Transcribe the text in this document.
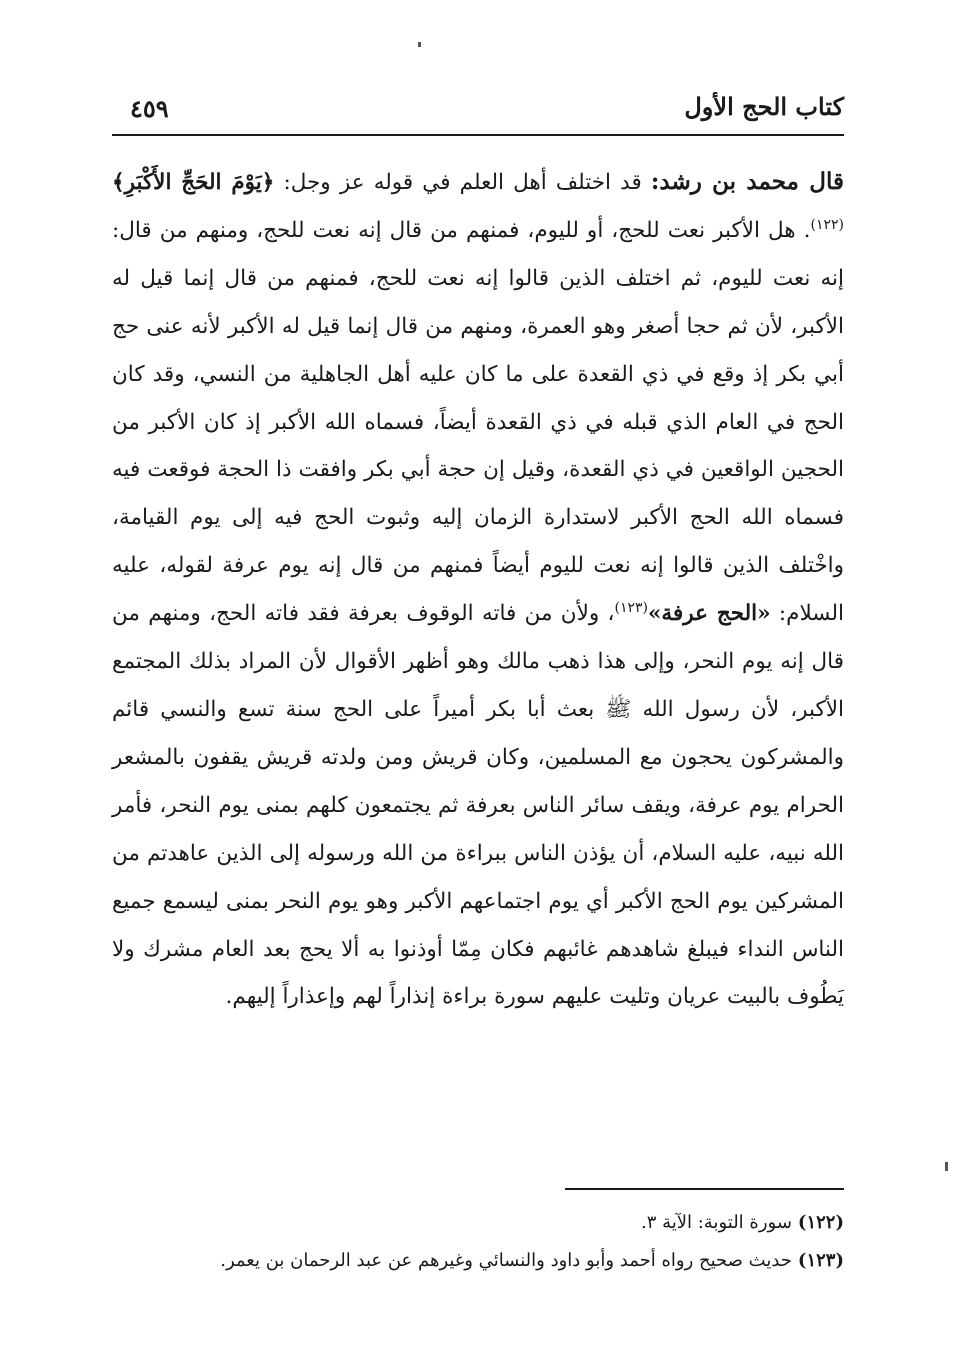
كتاب الحج الأول
٤٥٩

قال محمد بن رشد: قد اختلف أهل العلم في قوله عز وجل: ﴿يَوْمَ الحَجِّ الأَكْبَرِ﴾$^{(١٢٢)}$. هل الأكبر نعت للحج، أو لليوم، فمنهم من قال إنه نعت للحج، ومنهم من قال: إنه نعت لليوم، ثم اختلف الذين قالوا إنه نعت للحج، فمنهم من قال إنما قيل له الأكبر، لأن ثم حجا أصغر وهو العمرة، ومنهم من قال إنما قيل له الأكبر لأنه عنى حج أبي بكر إذ وقع في ذي القعدة على ما كان عليه أهل الجاهلية من النسي، وقد كان الحج في العام الذي قبله في ذي القعدة أيضاً، فسماه الله الأكبر إذ كان الأكبر من الحجين الواقعين في ذي القعدة، وقيل إن حجة أبي بكر وافقت ذا الحجة فوقعت فيه فسماه الله الحج الأكبر لاستدارة الزمان إليه وثبوت الحج فيه إلى يوم القيامة، واخْتلف الذين قالوا إنه نعت لليوم أيضاً فمنهم من قال إنه يوم عرفة لقوله، عليه السلام: «الحج عرفة»$^{(١٢٣)}$، ولأن من فاته الوقوف بعرفة فقد فاته الحج، ومنهم من قال إنه يوم النحر، وإلى هذا ذهب مالك وهو أظهر الأقوال لأن المراد بذلك المجتمع الأكبر، لأن رسول الله ﷺ بعث أبا بكر أميراً على الحج سنة تسع والنسي قائم والمشركون يحجون مع المسلمين، وكان قريش ومن ولدته قريش يقفون بالمشعر الحرام يوم عرفة، ويقف سائر الناس بعرفة ثم يجتمعون كلهم بمنى يوم النحر، فأمر الله نبيه، عليه السلام، أن يؤذن الناس ببراءة من الله ورسوله إلى الذين عاهدتم من المشركين يوم الحج الأكبر أي يوم اجتماعهم الأكبر وهو يوم النحر بمنى ليسمع جميع الناس النداء فيبلغ شاهدهم غائبهم فكان مِمّا أوذنوا به ألا يحج بعد العام مشرك ولا يَطُوف بالبيت عريان وتليت عليهم سورة براءة إنذاراً لهم وإعذاراً إليهم.

(١٢٢)سورة التوبة: الآية ٣.

(١٢٣)حديث صحيح رواه أحمد وأبو داود والنسائي وغيرهم عن عبد الرحمان بن يعمر.
